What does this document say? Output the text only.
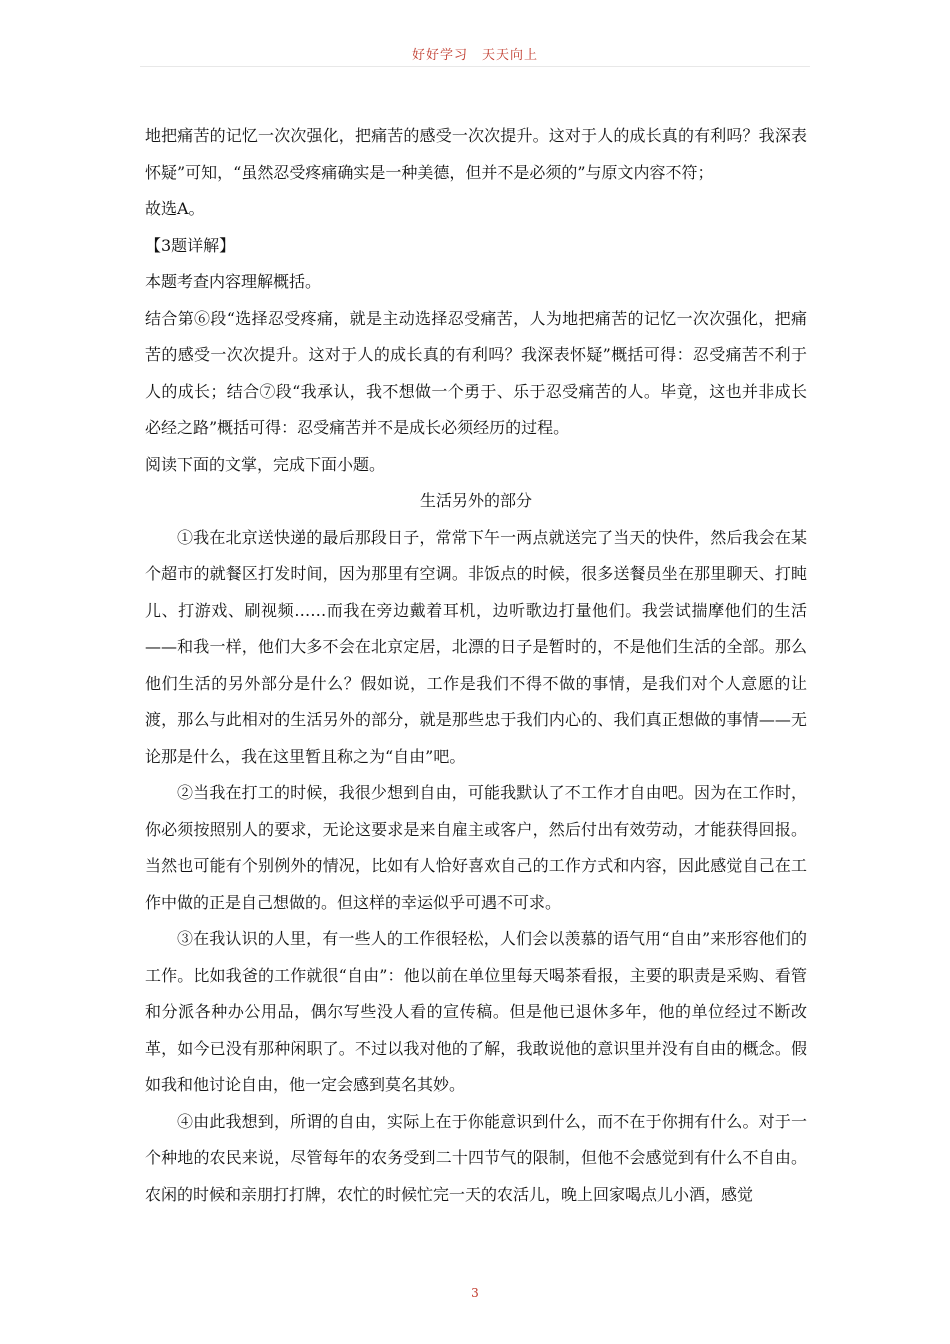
好好学习　天天向上

地把痛苦的记忆一次次强化，把痛苦的感受一次次提升。这对于人的成长真的有利吗？我深表怀疑”可知，“虽然忍受疼痛确实是一种美德，但并不是必须的”与原文内容不符；

故选A。

【3题详解】

本题考查内容理解概括。

结合第⑥段“选择忍受疼痛，就是主动选择忍受痛苦，人为地把痛苦的记忆一次次强化，把痛苦的感受一次次提升。这对于人的成长真的有利吗？我深表怀疑”概括可得：忍受痛苦不利于人的成长；结合⑦段“我承认，我不想做一个勇于、乐于忍受痛苦的人。毕竟，这也并非成长必经之路”概括可得：忍受痛苦并不是成长必须经历的过程。

阅读下面的文掌，完成下面小题。

生活另外的部分

①我在北京送快递的最后那段日子，常常下午一两点就送完了当天的快件，然后我会在某个超市的就餐区打发时间，因为那里有空调。非饭点的时候，很多送餐员坐在那里聊天、打盹儿、打游戏、刷视频……而我在旁边戴着耳机，边听歌边打量他们。我尝试揣摩他们的生活——和我一样，他们大多不会在北京定居，北漂的日子是暂时的，不是他们生活的全部。那么他们生活的另外部分是什么？假如说，工作是我们不得不做的事情，是我们对个人意愿的让渡，那么与此相对的生活另外的部分，就是那些忠于我们内心的、我们真正想做的事情——无论那是什么，我在这里暂且称之为“自由”吧。

②当我在打工的时候，我很少想到自由，可能我默认了不工作才自由吧。因为在工作时，你必须按照别人的要求，无论这要求是来自雇主或客户，然后付出有效劳动，才能获得回报。当然也可能有个别例外的情况，比如有人恰好喜欢自己的工作方式和内容，因此感觉自己在工作中做的正是自己想做的。但这样的幸运似乎可遇不可求。

③在我认识的人里，有一些人的工作很轻松，人们会以羡慕的语气用“自由”来形容他们的工作。比如我爸的工作就很“自由”：他以前在单位里每天喝茶看报，主要的职责是采购、看管和分派各种办公用品，偶尔写些没人看的宣传稿。但是他已退休多年，他的单位经过不断改革，如今已没有那种闲职了。不过以我对他的了解，我敢说他的意识里并没有自由的概念。假如我和他讨论自由，他一定会感到莫名其妙。

④由此我想到，所谓的自由，实际上在于你能意识到什么，而不在于你拥有什么。对于一个种地的农民来说，尽管每年的农务受到二十四节气的限制，但他不会感觉到有什么不自由。农闲的时候和亲朋打打牌，农忙的时候忙完一天的农活儿，晚上回家喝点儿小酒，感觉

3
